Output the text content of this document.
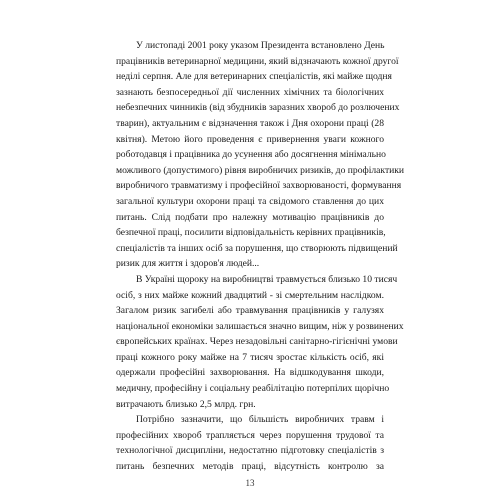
У листопаді 2001 року указом Президента встановлено День
працівників ветеринарної медицини, який відзначають кожної другої
неділі серпня. Але для ветеринарних спеціалістів, які майже щодня
зазнають безпосередньої дії численних хімічних та біологічних
небезпечних чинників (від збудників заразних хвороб до розлючених
тварин), актуальним є відзначення також і Дня охорони праці (28
квітня). Метою його проведення є привернення уваги кожного
роботодавця і працівника до усунення або досягнення мінімально
можливого (допустимого) рівня виробничих ризиків, до профілактики
виробничого травматизму і професійної захворюваності, формування
загальної культури охорони праці та свідомого ставлення до цих
питань. Слід подбати про належну мотивацію працівників до
безпечної праці, посилити відповідальність керівних працівників,
спеціалістів та інших осіб за порушення, що створюють підвищений
ризик для життя і здоров'я людей...
В Україні щороку на виробництві травмується близько 10 тисяч
осіб, з них майже кожний двадцятий - зі смертельним наслідком.
Загалом ризик загибелі або травмування працівників у галузях
національної економіки залишається значно вищим, ніж у розвинених
європейських країнах. Через незадовільні санітарно-гігієнічні умови
праці кожного року майже на 7 тисяч зростає кількість осіб, які
одержали професійні захворювання. На відшкодування шкоди,
медичну, професійну і соціальну реабілітацію потерпілих щорічно
витрачають близько 2,5 млрд. грн.
Потрібно зазначити, що більшість виробничих травм і
професійних хвороб трапляється через порушення трудової та
технологічної дисципліни, недостатню підготовку спеціалістів з
питань безпечних методів праці, відсутність контролю за
13
